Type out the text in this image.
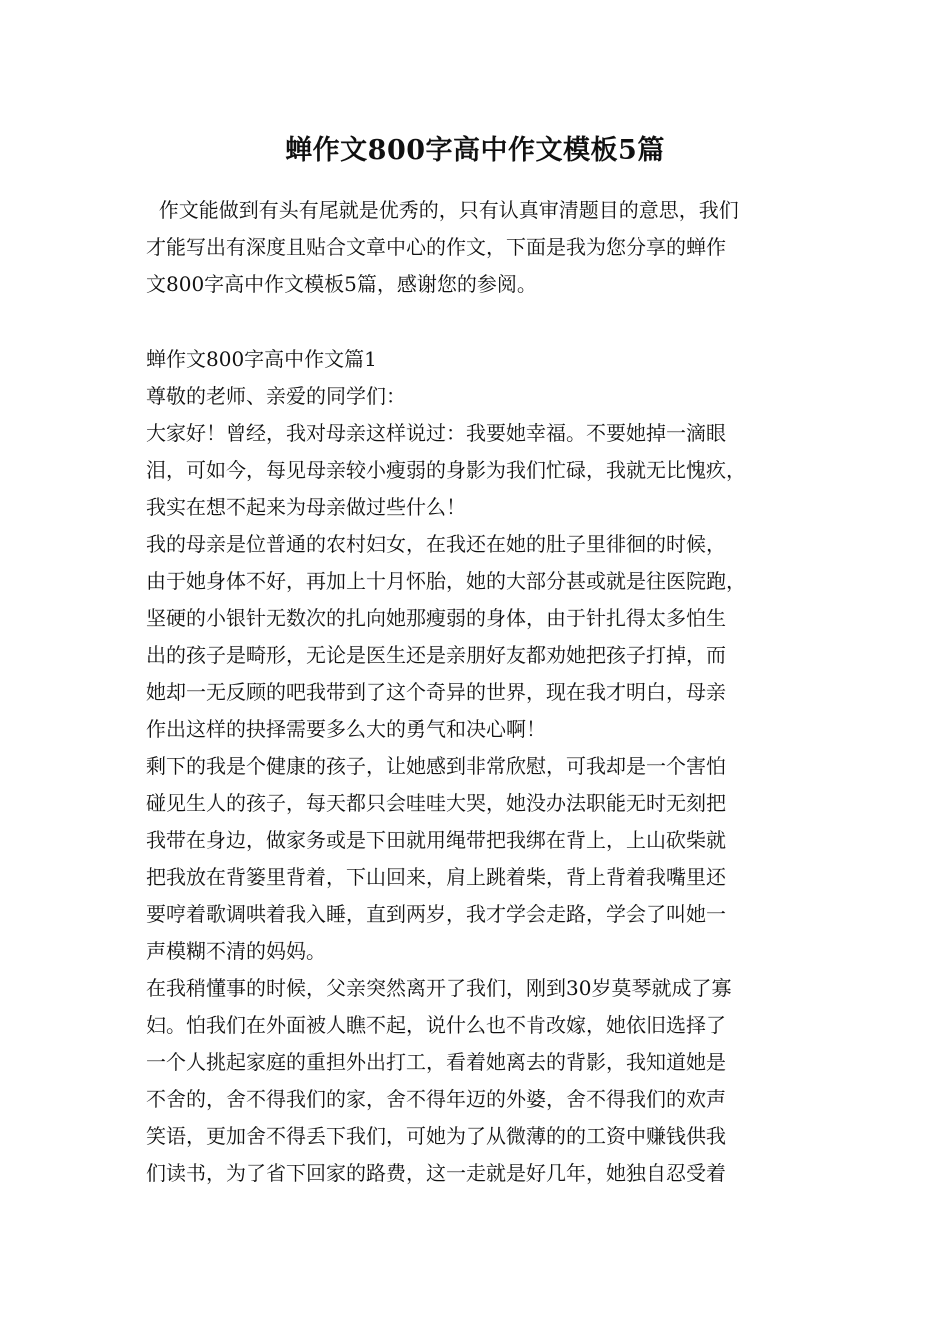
蝉作文800字高中作文模板5篇
作文能做到有头有尾就是优秀的，只有认真审清题目的意思，我们
才能写出有深度且贴合文章中心的作文，下面是我为您分享的蝉作
文800字高中作文模板5篇，感谢您的参阅。
蝉作文800字高中作文篇1
尊敬的老师、亲爱的同学们：
大家好！曾经，我对母亲这样说过：我要她幸福。不要她掉一滴眼
泪，可如今，每见母亲较小瘦弱的身影为我们忙碌，我就无比愧疚，
我实在想不起来为母亲做过些什么！
我的母亲是位普通的农村妇女，在我还在她的肚子里徘徊的时候，
由于她身体不好，再加上十月怀胎，她的大部分甚或就是往医院跑，
坚硬的小银针无数次的扎向她那瘦弱的身体，由于针扎得太多怕生
出的孩子是畸形，无论是医生还是亲朋好友都劝她把孩子打掉，而
她却一无反顾的吧我带到了这个奇异的世界，现在我才明白，母亲
作出这样的抉择需要多么大的勇气和决心啊！
剩下的我是个健康的孩子，让她感到非常欣慰，可我却是一个害怕
碰见生人的孩子，每天都只会哇哇大哭，她没办法职能无时无刻把
我带在身边，做家务或是下田就用绳带把我绑在背上，上山砍柴就
把我放在背篓里背着，下山回来，肩上跳着柴，背上背着我嘴里还
要哼着歌调哄着我入睡，直到两岁，我才学会走路，学会了叫她一
声模糊不清的妈妈。
在我稍懂事的时候，父亲突然离开了我们，刚到30岁莫琴就成了寡
妇。怕我们在外面被人瞧不起，说什么也不肯改嫁，她依旧选择了
一个人挑起家庭的重担外出打工，看着她离去的背影，我知道她是
不舍的，舍不得我们的家，舍不得年迈的外婆，舍不得我们的欢声
笑语，更加舍不得丢下我们，可她为了从微薄的的工资中赚钱供我
们读书，为了省下回家的路费，这一走就是好几年，她独自忍受着
